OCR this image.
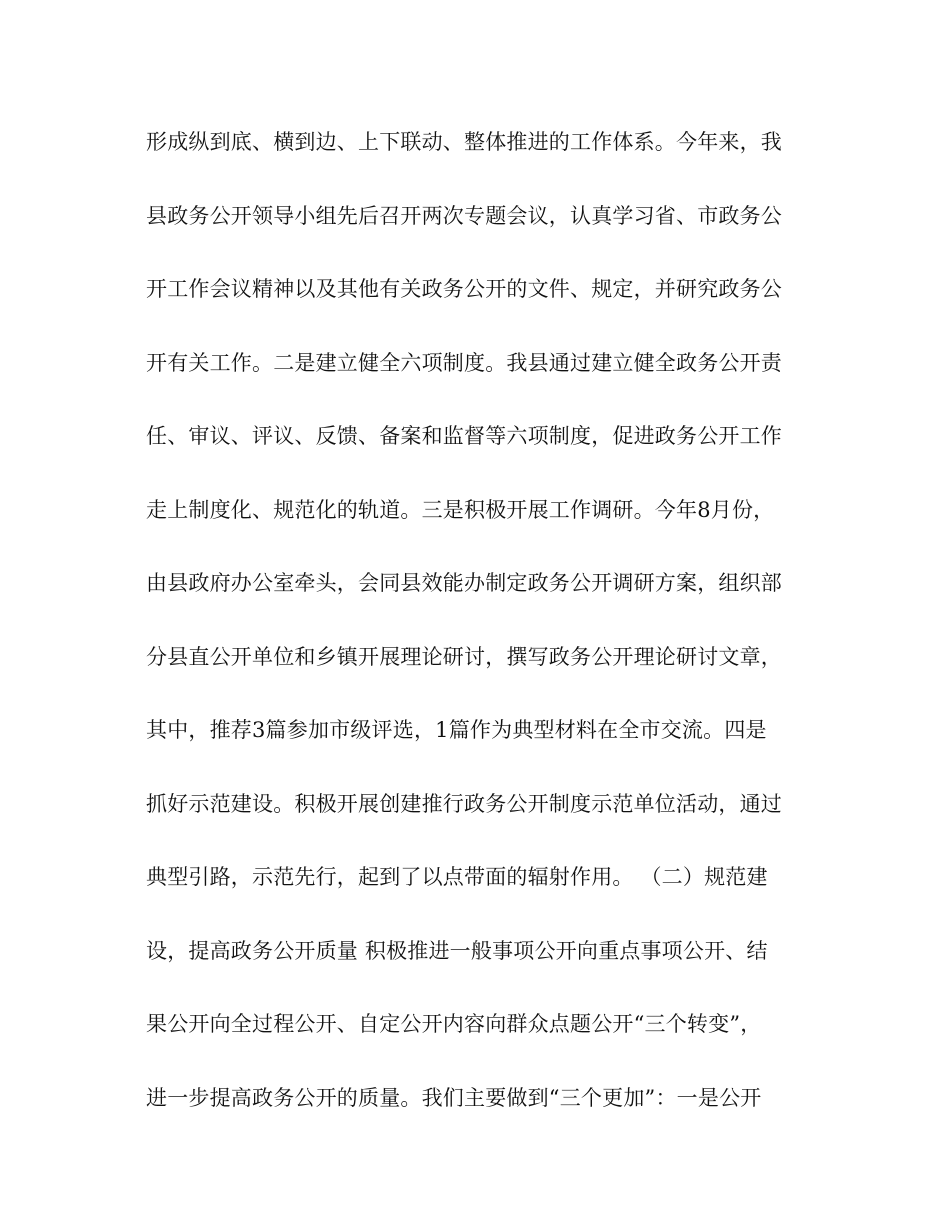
形成纵到底、横到边、上下联动、整体推进的工作体系。今年来，我
县政务公开领导小组先后召开两次专题会议，认真学习省、市政务公
开工作会议精神以及其他有关政务公开的文件、规定，并研究政务公
开有关工作。二是建立健全六项制度。我县通过建立健全政务公开责
任、审议、评议、反馈、备案和监督等六项制度，促进政务公开工作
走上制度化、规范化的轨道。三是积极开展工作调研。今年8月份，
由县政府办公室牵头，会同县效能办制定政务公开调研方案，组织部
分县直公开单位和乡镇开展理论研讨，撰写政务公开理论研讨文章，
其中，推荐3篇参加市级评选，1篇作为典型材料在全市交流。四是
抓好示范建设。积极开展创建推行政务公开制度示范单位活动，通过
典型引路，示范先行，起到了以点带面的辐射作用。 （二）规范建
设，提高政务公开质量 积极推进一般事项公开向重点事项公开、结
果公开向全过程公开、自定公开内容向群众点题公开“三个转变”，
进一步提高政务公开的质量。我们主要做到“三个更加”：一是公开
